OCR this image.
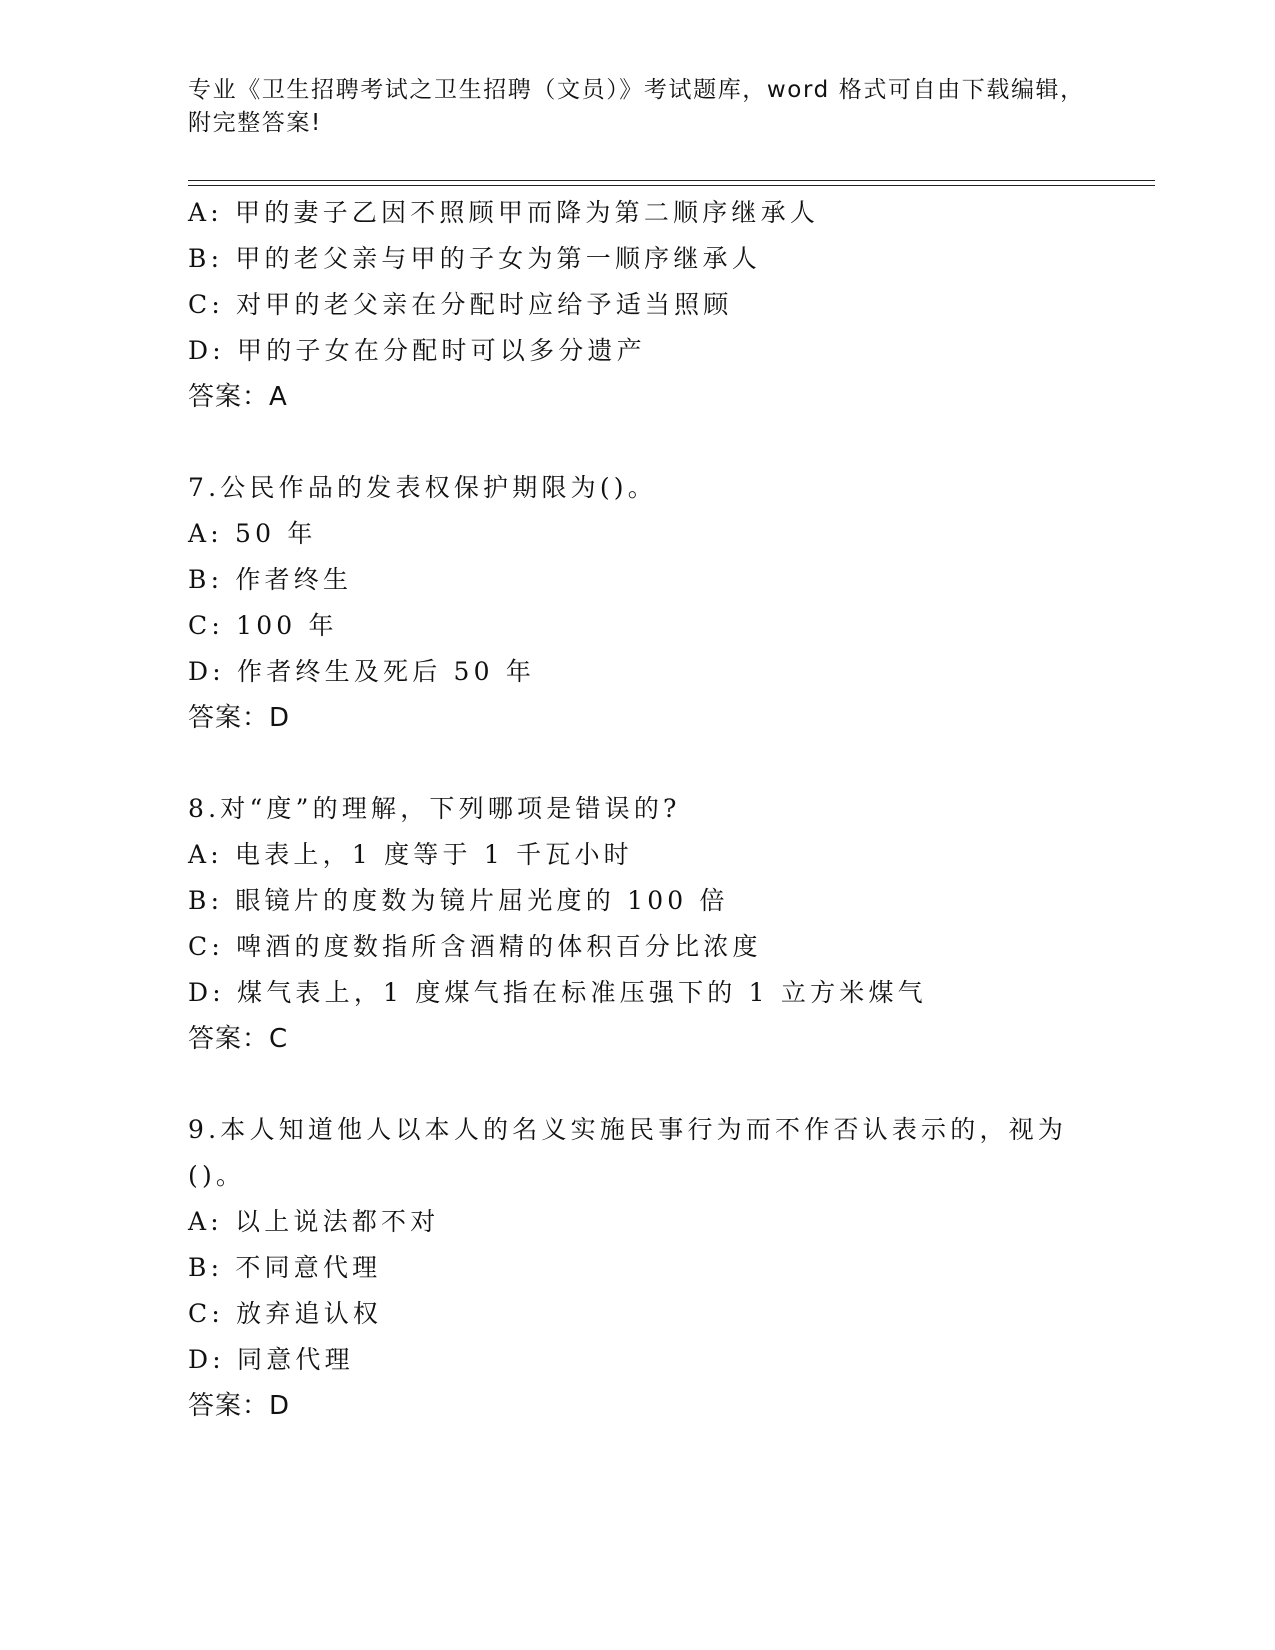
专业《卫生招聘考试之卫生招聘（文员）》考试题库，word 格式可自由下载编辑，附完整答案!
A: 甲的妻子乙因不照顾甲而降为第二顺序继承人
B: 甲的老父亲与甲的子女为第一顺序继承人
C: 对甲的老父亲在分配时应给予适当照顾
D: 甲的子女在分配时可以多分遗产
答案：A
7.公民作品的发表权保护期限为()。
A: 50 年
B: 作者终生
C: 100 年
D: 作者终生及死后 50 年
答案：D
8.对“度”的理解，下列哪项是错误的?
A: 电表上，1 度等于 1 千瓦小时
B: 眼镜片的度数为镜片屈光度的 100 倍
C: 啤酒的度数指所含酒精的体积百分比浓度
D: 煤气表上，1 度煤气指在标准压强下的 1 立方米煤气
答案：C
9.本人知道他人以本人的名义实施民事行为而不作否认表示的，视为
()。
A: 以上说法都不对
B: 不同意代理
C: 放弃追认权
D: 同意代理
答案：D
